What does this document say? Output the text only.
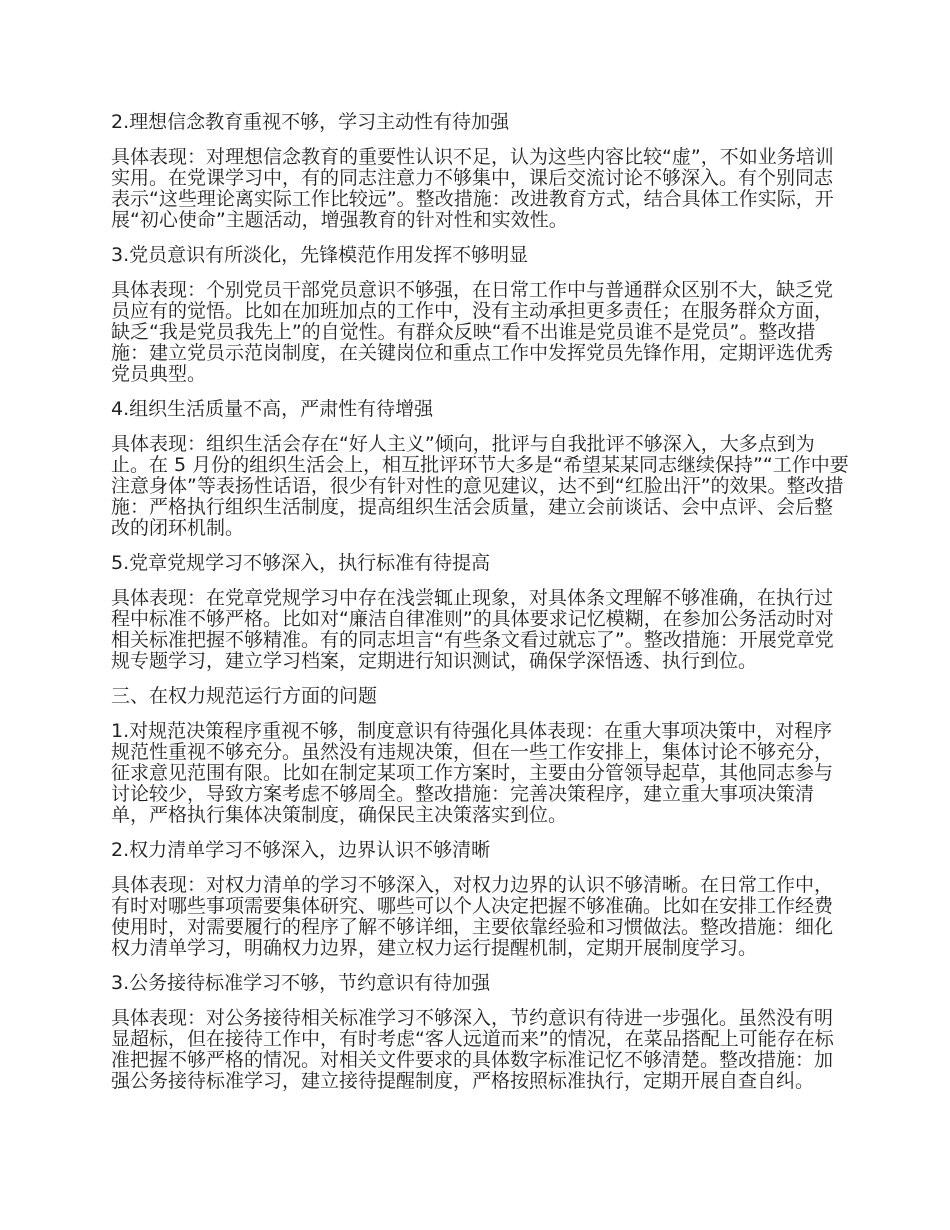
2.理想信念教育重视不够，学习主动性有待加强

具体表现：对理想信念教育的重要性认识不足，认为这些内容比较“虚”，不如业务培训实用。在党课学习中，有的同志注意力不够集中，课后交流讨论不够深入。有个别同志表示“这些理论离实际工作比较远”。整改措施：改进教育方式，结合具体工作实际，开展“初心使命”主题活动，增强教育的针对性和实效性。

3.党员意识有所淡化，先锋模范作用发挥不够明显

具体表现：个别党员干部党员意识不够强，在日常工作中与普通群众区别不大，缺乏党员应有的觉悟。比如在加班加点的工作中，没有主动承担更多责任；在服务群众方面，缺乏“我是党员我先上”的自觉性。有群众反映“看不出谁是党员谁不是党员”。整改措施：建立党员示范岗制度，在关键岗位和重点工作中发挥党员先锋作用，定期评选优秀党员典型。

4.组织生活质量不高，严肃性有待增强

具体表现：组织生活会存在“好人主义”倾向，批评与自我批评不够深入，大多点到为止。在 5 月份的组织生活会上，相互批评环节大多是“希望某某同志继续保持”“工作中要注意身体”等表扬性话语，很少有针对性的意见建议，达不到“红脸出汗”的效果。整改措施：严格执行组织生活制度，提高组织生活会质量，建立会前谈话、会中点评、会后整改的闭环机制。

5.党章党规学习不够深入，执行标准有待提高

具体表现：在党章党规学习中存在浅尝辄止现象，对具体条文理解不够准确，在执行过程中标准不够严格。比如对“廉洁自律准则”的具体要求记忆模糊，在参加公务活动时对相关标准把握不够精准。有的同志坦言“有些条文看过就忘了”。整改措施：开展党章党规专题学习，建立学习档案，定期进行知识测试，确保学深悟透、执行到位。

三、在权力规范运行方面的问题

1.对规范决策程序重视不够，制度意识有待强化具体表现：在重大事项决策中，对程序规范性重视不够充分。虽然没有违规决策，但在一些工作安排上，集体讨论不够充分，征求意见范围有限。比如在制定某项工作方案时，主要由分管领导起草，其他同志参与讨论较少，导致方案考虑不够周全。整改措施：完善决策程序，建立重大事项决策清单，严格执行集体决策制度，确保民主决策落实到位。

2.权力清单学习不够深入，边界认识不够清晰

具体表现：对权力清单的学习不够深入，对权力边界的认识不够清晰。在日常工作中，有时对哪些事项需要集体研究、哪些可以个人决定把握不够准确。比如在安排工作经费使用时，对需要履行的程序了解不够详细，主要依靠经验和习惯做法。整改措施：细化权力清单学习，明确权力边界，建立权力运行提醒机制，定期开展制度学习。

3.公务接待标准学习不够，节约意识有待加强

具体表现：对公务接待相关标准学习不够深入，节约意识有待进一步强化。虽然没有明显超标，但在接待工作中，有时考虑“客人远道而来”的情况，在菜品搭配上可能存在标准把握不够严格的情况。对相关文件要求的具体数字标准记忆不够清楚。整改措施：加强公务接待标准学习，建立接待提醒制度，严格按照标准执行，定期开展自查自纠。
